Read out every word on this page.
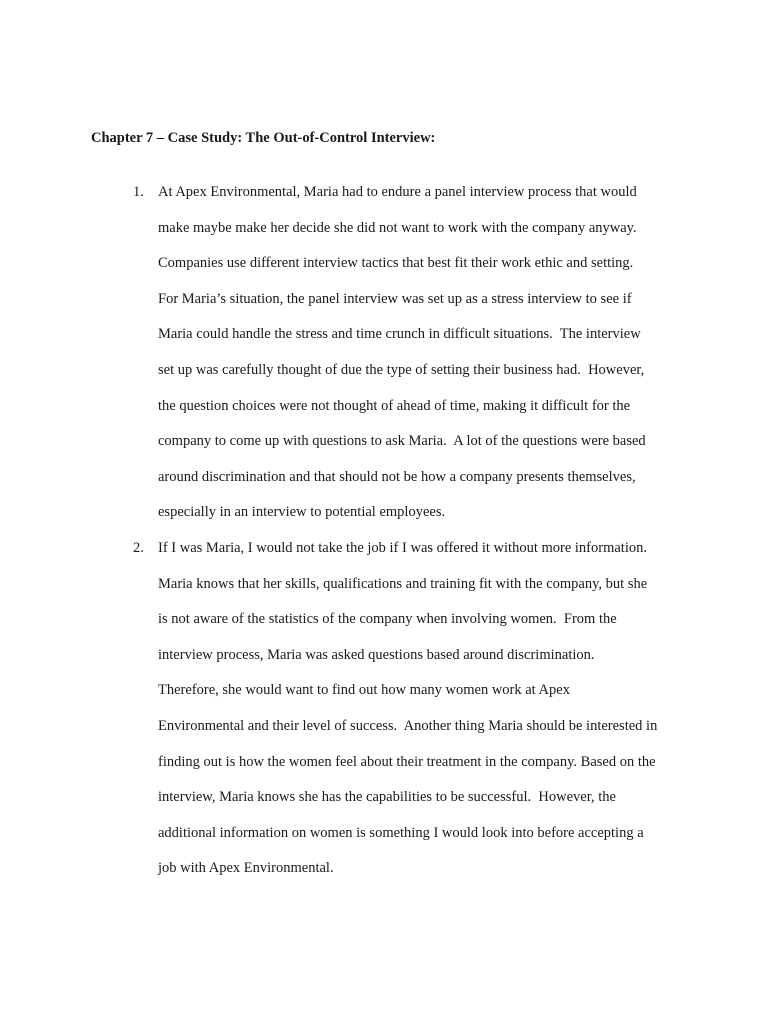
Chapter 7 – Case Study: The Out-of-Control Interview:
1. At Apex Environmental, Maria had to endure a panel interview process that would
make maybe make her decide she did not want to work with the company anyway.
Companies use different interview tactics that best fit their work ethic and setting.
For Maria’s situation, the panel interview was set up as a stress interview to see if
Maria could handle the stress and time crunch in difficult situations.  The interview
set up was carefully thought of due the type of setting their business had.  However,
the question choices were not thought of ahead of time, making it difficult for the
company to come up with questions to ask Maria.  A lot of the questions were based
around discrimination and that should not be how a company presents themselves,
especially in an interview to potential employees.
2. If I was Maria, I would not take the job if I was offered it without more information.
Maria knows that her skills, qualifications and training fit with the company, but she
is not aware of the statistics of the company when involving women.  From the
interview process, Maria was asked questions based around discrimination.
Therefore, she would want to find out how many women work at Apex
Environmental and their level of success.  Another thing Maria should be interested in
finding out is how the women feel about their treatment in the company. Based on the
interview, Maria knows she has the capabilities to be successful.  However, the
additional information on women is something I would look into before accepting a
job with Apex Environmental.
